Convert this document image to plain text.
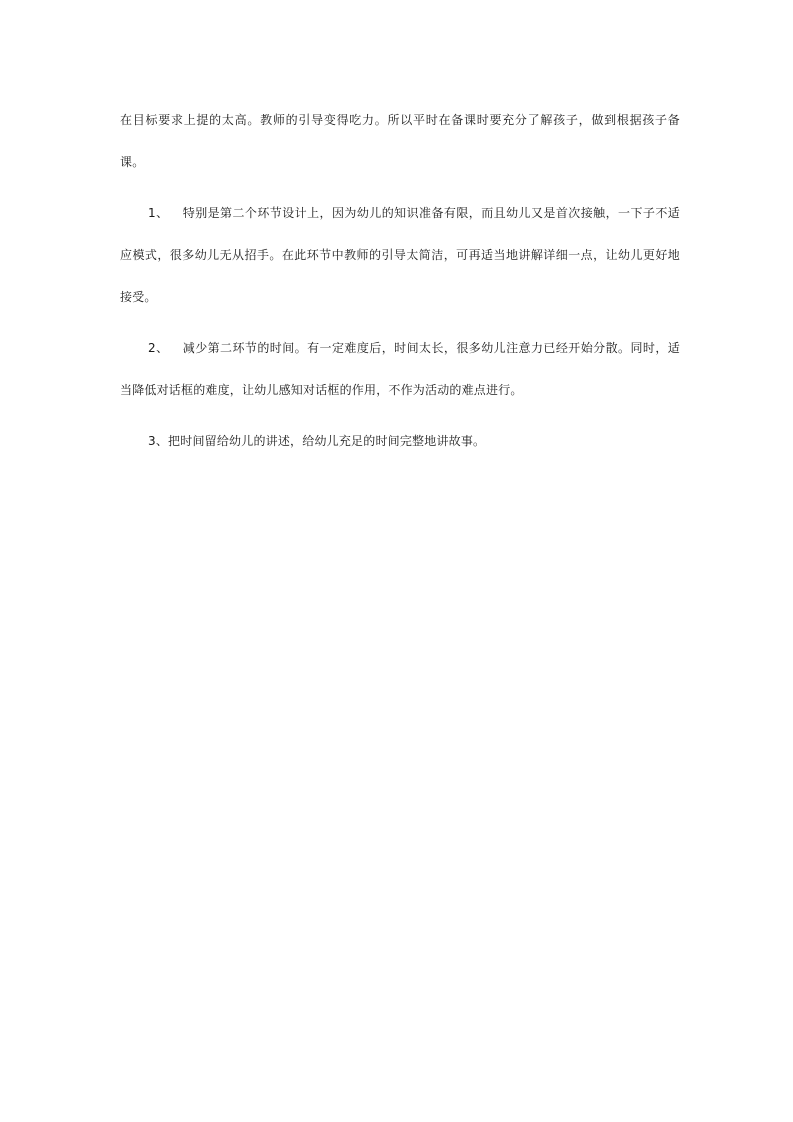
在目标要求上提的太高。教师的引导变得吃力。所以平时在备课时要充分了解孩子，做到根据孩子备课。

1、 特别是第二个环节设计上，因为幼儿的知识准备有限，而且幼儿又是首次接触，一下子不适应模式，很多幼儿无从招手。在此环节中教师的引导太简洁，可再适当地讲解详细一点，让幼儿更好地接受。

2、 减少第二环节的时间。有一定难度后，时间太长，很多幼儿注意力已经开始分散。同时，适当降低对话框的难度，让幼儿感知对话框的作用，不作为活动的难点进行。

3、把时间留给幼儿的讲述，给幼儿充足的时间完整地讲故事。
